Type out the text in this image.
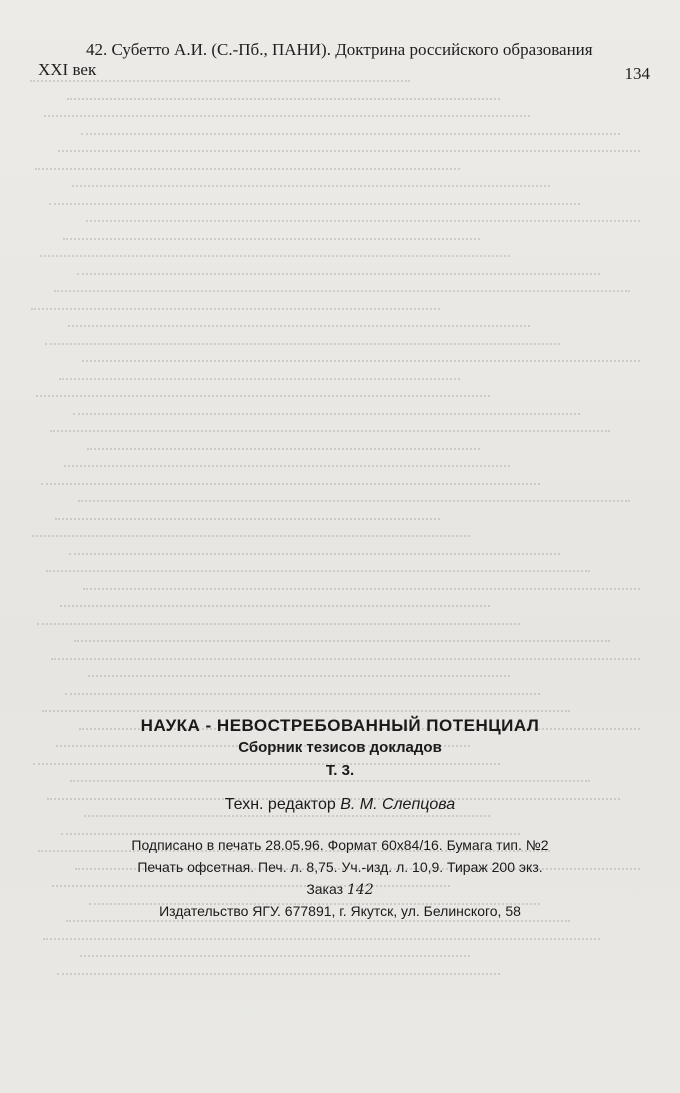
42. Субетто А.И. (С.-Пб., ПАНИ). Доктрина российского образования
XXI век	134
НАУКА - НЕВОСТРЕБОВАННЫЙ ПОТЕНЦИАЛ
Сборник тезисов докладов
Т. 3.
Техн. редактор В. М. Слепцова
Подписано в печать 28.05.96. Формат 60x84/16. Бумага тип. №2
Печать офсетная. Печ. л. 8,75. Уч.-изд. л. 10,9. Тираж 200 экз.
Заказ 142
Издательство ЯГУ. 677891, г. Якутск, ул. Белинского, 58
